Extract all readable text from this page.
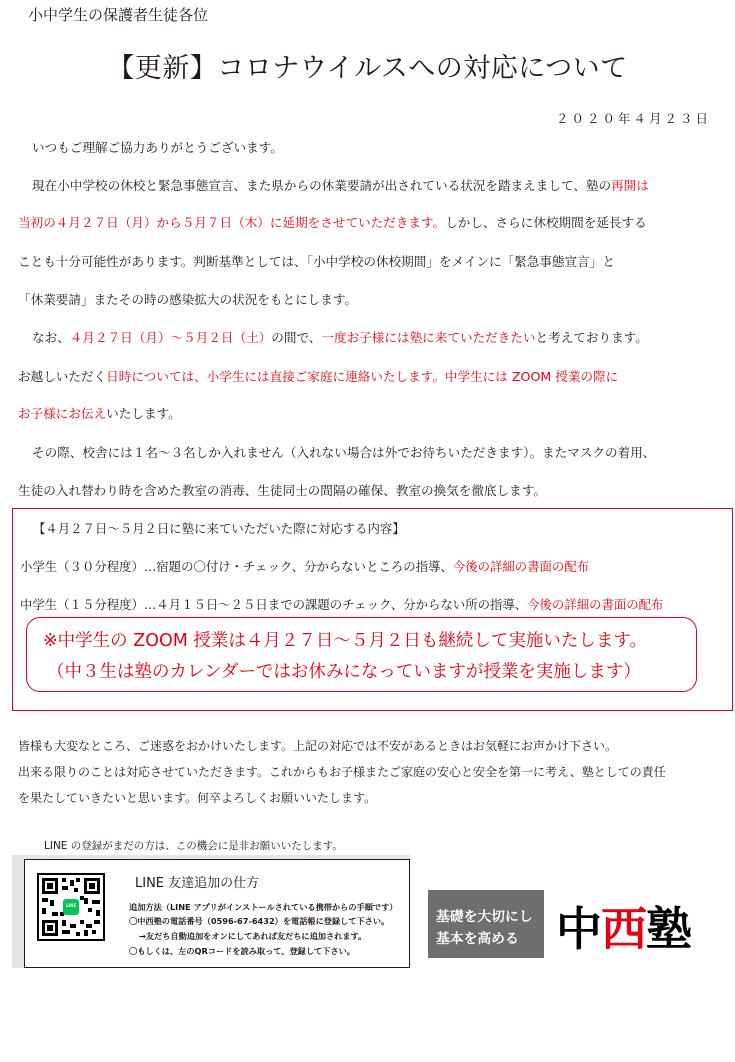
小中学生の保護者生徒各位
【更新】コロナウイルスへの対応について
２０２０年４月２３日
いつもご理解ご協力ありがとうございます。
現在小中学校の休校と緊急事態宣言、また県からの休業要請が出されている状況を踏まえまして、塾の再開は
当初の４月２７日（月）から５月７日（木）に延期をさせていただきます。しかし、さらに休校期間を延長する
ことも十分可能性があります。判断基準としては、「小中学校の休校期間」をメインに「緊急事態宣言」と
「休業要請」またその時の感染拡大の状況をもとにします。
なお、４月２７日（月）～５月２日（土）の間で、一度お子様には塾に来ていただきたいと考えております。
お越しいただく日時については、小学生には直接ご家庭に連絡いたします。中学生には ZOOM 授業の際に
お子様にお伝えいたします。
その際、校舎には１名～３名しか入れません（入れない場合は外でお待ちいただきます）。またマスクの着用、
生徒の入れ替わり時を含めた教室の消毒、生徒同士の間隔の確保、教室の換気を徹底します。
【４月２７日～５月２日に塾に来ていただいた際に対応する内容】
小学生（３０分程度）…宿題の〇付け・チェック、分からないところの指導、今後の詳細の書面の配布
中学生（１５分程度）…４月１５日～２５日までの課題のチェック、分からない所の指導、今後の詳細の書面の配布
※中学生の ZOOM 授業は４月２７日～５月２日も継続して実施いたします。
（中３生は塾のカレンダーではお休みになっていますが授業を実施します）
皆様も大変なところ、ご迷惑をおかけいたします。上記の対応では不安があるときはお気軽にお声かけ下さい。
出来る限りのことは対応させていただきます。これからもお子様またご家庭の安心と安全を第一に考え、塾としての責任
を果たしていきたいと思います。何卒よろしくお願いいたします。
LINE の登録がまだの方は、この機会に是非お願いいたします。
LINE
LINE 友達追加の仕方
追加方法（LINE アプリがインストールされている携帯からの手順です）
〇中西塾の電話番号（0596-67-6432）を電話帳に登録して下さい。
→友だち自動追加をオンにしてあれば友だちに追加されます。
〇もしくは、左のQRコードを読み取って、登録して下さい。
基礎を大切にし
基本を高める 中西塾
